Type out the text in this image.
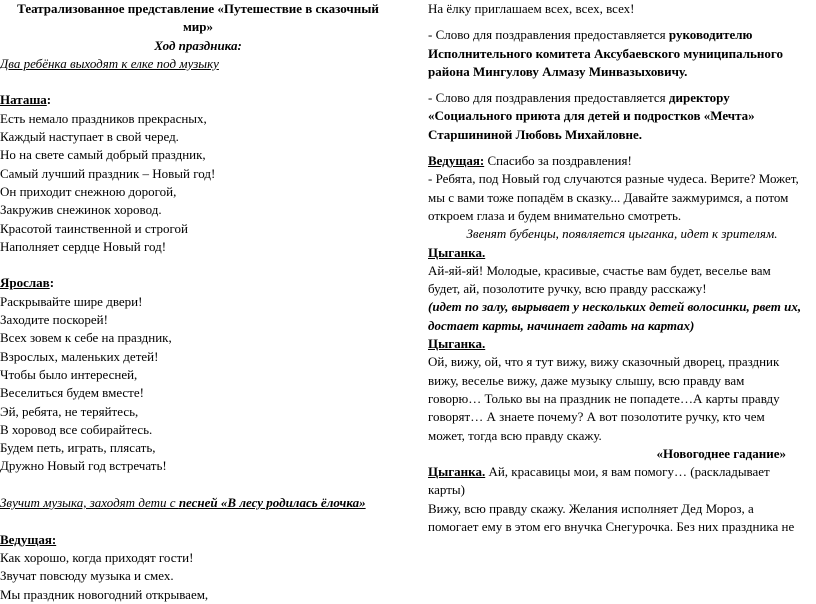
Театрализованное представление «Путешествие в сказочный
мир»
Ход праздника:
Два ребёнка выходят к елке под музыку
Наташа:
Есть немало праздников прекрасных,
Каждый наступает в свой черед.
Но на свете самый добрый праздник,
Самый лучший праздник – Новый год!
Он приходит снежною дорогой,
Закружив снежинок хоровод.
Красотой таинственной и строгой
Наполняет сердце Новый год!
Ярослав:
Раскрывайте шире двери!
Заходите поскорей!
Всех зовем к себе на праздник,
Взрослых, маленьких детей!
Чтобы было интересней,
Веселиться будем вместе!
Эй, ребята, не теряйтесь,
В хоровод все собирайтесь.
Будем петь, играть, плясать,
Дружно Новый год встречать!
Звучит музыка, заходят дети с песней «В лесу родилась ёлочка»
Ведущая:
Как хорошо, когда приходят гости!
Звучат повсюду музыка и смех.
Мы праздник новогодний открываем,
На ёлку приглашаем всех, всех, всех!
- Слово для поздравления предоставляется руководителю
Исполнительного комитета Аксубаевского муниципального
района Мингулову Алмазу Минвазыховичу.
- Слово для поздравления предоставляется директору
«Социального приюта для детей и подростков «Мечта»
Старшининой Любовь Михайловне.
Ведущая: Спасибо за поздравления!
- Ребята, под Новый год случаются разные чудеса. Верите? Может,
мы с вами тоже попадём в сказку... Давайте зажмуримся, а потом
откроем глаза и будем внимательно смотреть.
Звенят бубенцы, появляется цыганка, идет к зрителям.
Цыганка.
Ай-яй-яй! Молодые, красивые, счастье вам будет, веселье вам
будет, ай, позолотите ручку, всю правду расскажу!
(идет по залу, вырывает у нескольких детей волосинки, рвет их,
достает карты, начинает гадать на картах)
Цыганка.
Ой, вижу, ой, что я тут вижу, вижу сказочный дворец, праздник
вижу, веселье вижу, даже музыку слышу, всю правду вам
говорю… Только вы на праздник не попадете…А карты правду
говорят… А знаете почему? А вот позолотите ручку, кто чем
может, тогда всю правду скажу.
«Новогоднее гадание»
Цыганка. Ай, красавицы мои, я вам помогу… (раскладывает
карты)
Вижу, всю правду скажу. Желания исполняет Дед Мороз, а
помогает ему в этом его внучка Снегурочка. Без них праздника не
